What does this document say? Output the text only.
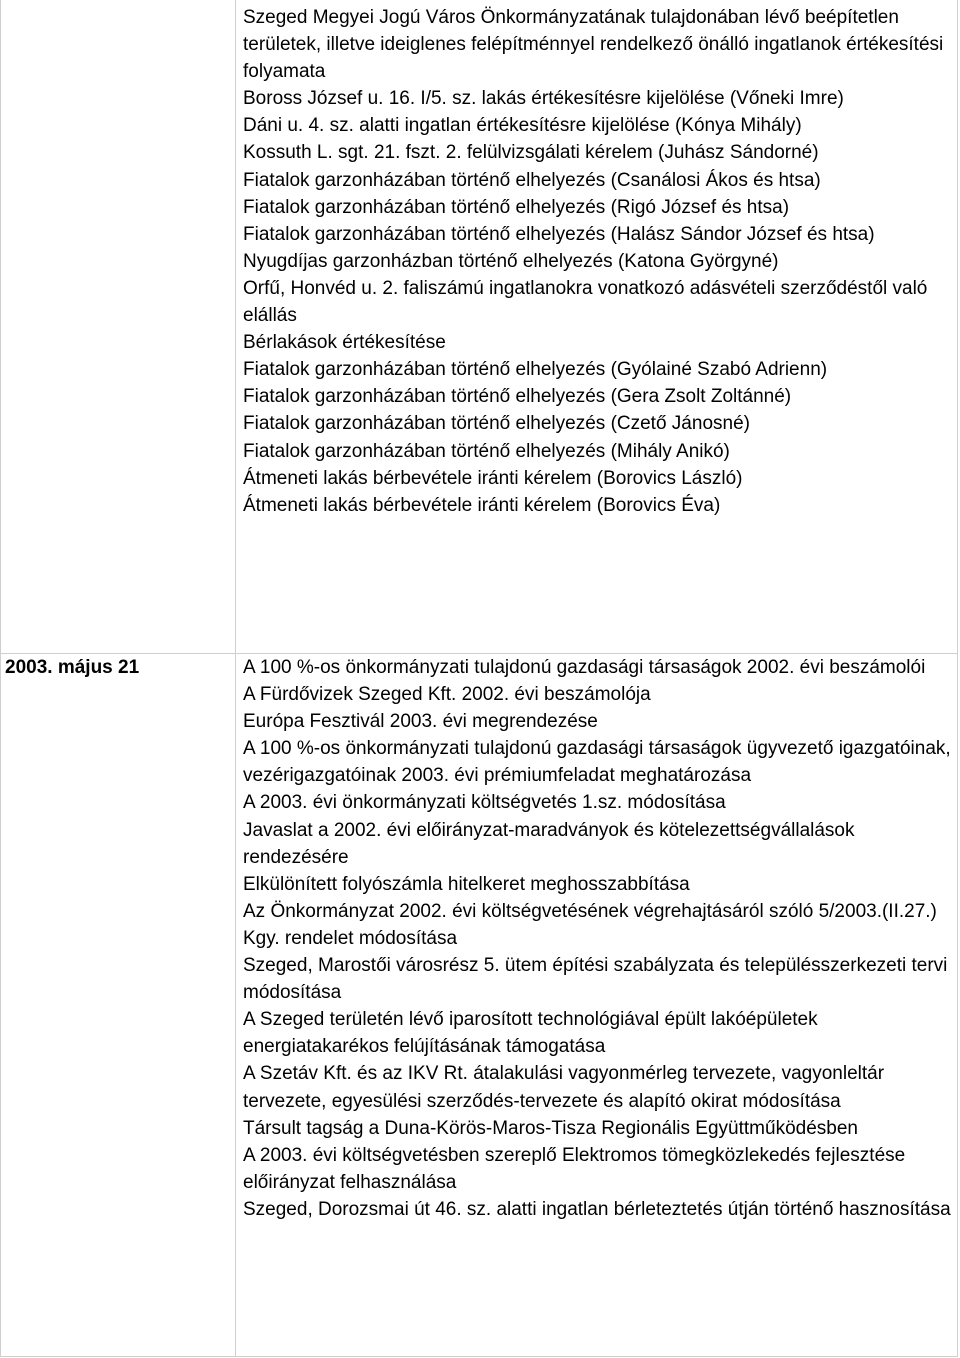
Szeged Megyei Jogú Város Önkormányzatának tulajdonában lévő beépítetlen területek, illetve ideiglenes felépítménnyel rendelkező önálló ingatlanok értékesítési folyamata
Boross József u. 16. I/5. sz. lakás értékesítésre kijelölése (Vőneki Imre)
Dáni u. 4. sz. alatti ingatlan értékesítésre kijelölése (Kónya Mihály)
Kossuth L. sgt. 21. fszt. 2. felülvizsgálati kérelem (Juhász Sándorné)
Fiatalok garzonházában történő elhelyezés (Csanálosi Ákos és htsa)
Fiatalok garzonházában történő elhelyezés (Rigó József és htsa)
Fiatalok garzonházában történő elhelyezés (Halász Sándor József és htsa)
Nyugdíjas garzonházban történő elhelyezés (Katona Györgyné)
Orfű, Honvéd u. 2. faliszámú ingatlanokra vonatkozó adásvételi szerződéstől való elállás
Bérlakások értékesítése
Fiatalok garzonházában történő elhelyezés (Gyólainé Szabó Adrienn)
Fiatalok garzonházában történő elhelyezés (Gera Zsolt Zoltánné)
Fiatalok garzonházában történő elhelyezés (Czető Jánosné)
Fiatalok garzonházában történő elhelyezés (Mihály Anikó)
Átmeneti lakás bérbevétele iránti kérelem (Borovics László)
Átmeneti lakás bérbevétele iránti kérelem (Borovics Éva)
2003. május 21	A 100 %-os önkormányzati tulajdonú gazdasági társaságok 2002. évi beszámolói
A Fürdővizek Szeged Kft. 2002. évi beszámolója
Európa Fesztivál 2003. évi megrendezése
A 100 %-os önkormányzati tulajdonú gazdasági társaságok ügyvezető igazgatóinak, vezérigazgatóinak 2003. évi prémiumfeladat meghatározása
A 2003. évi önkormányzati költségvetés 1.sz. módosítása
Javaslat a 2002. évi előirányzat-maradványok és kötelezettségvállalások rendezésére
Elkülönített folyószámla hitelkeret meghosszabbítása
Az Önkormányzat 2002. évi költségvetésének végrehajtásáról szóló 5/2003.(II.27.) Kgy. rendelet módosítása
Szeged, Marostői városrész 5. ütem építési szabályzata és településszerkezeti tervi módosítása
A Szeged területén lévő iparosított technológiával épült lakóépületek energiatakarékos felújításának támogatása
A Szetáv Kft. és az IKV Rt. átalakulási vagyonmérleg tervezete, vagyonleltár tervezete, egyesülési szerződés-tervezete és alapító okirat módosítása
Társult tagság a Duna-Körös-Maros-Tisza Regionális Együttműködésben
A 2003. évi költségvetésben szereplő Elektromos tömegközlekedés fejlesztése előirányzat felhasználása
Szeged, Dorozsmai út 46. sz. alatti ingatlan bérleteztetés útján történő hasznosítása
